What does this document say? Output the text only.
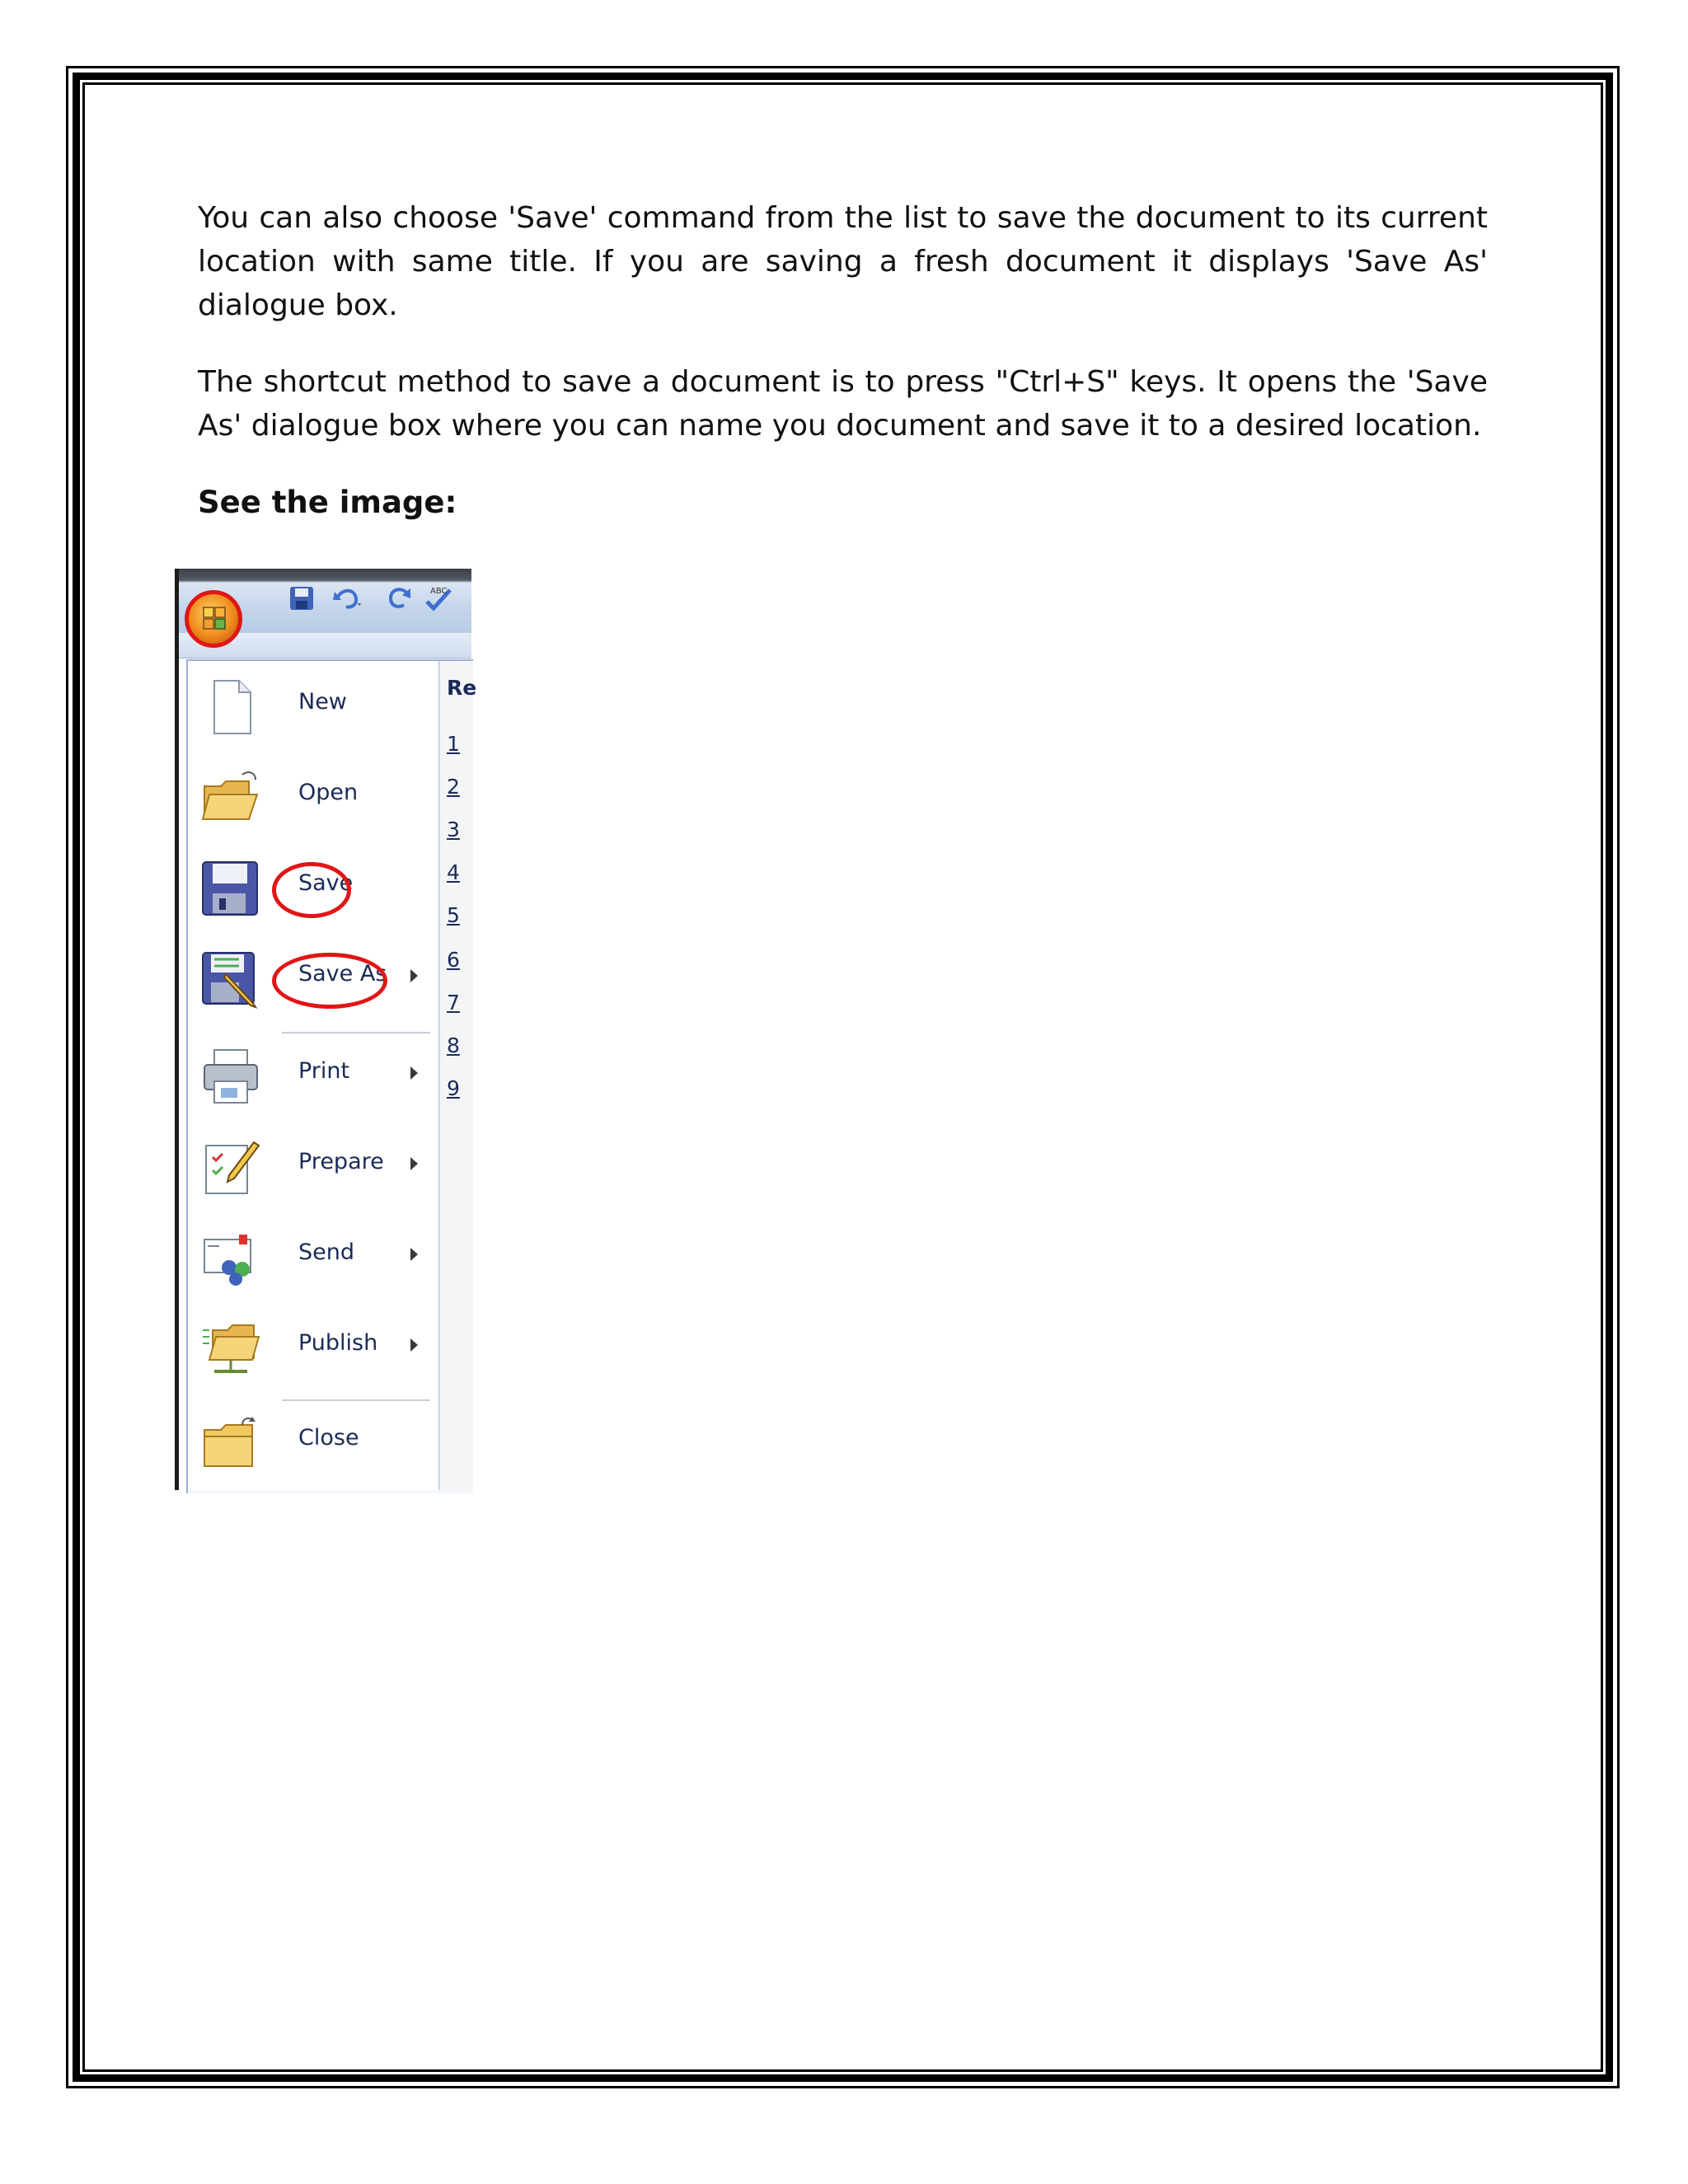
You can also choose 'Save' command from the list to save the document to its current location with same title. If you are saving a fresh document it displays 'Save As' dialogue box.

The shortcut method to save a document is to press "Ctrl+S" keys. It opens the 'Save As' dialogue box where you can name you document and save it to a desired location.

See the image:

ABC
New
Open
Save
Save As
Print
Prepare
Send
Publish
Close
Re
1
2
3
4
5
6
7
8
9
